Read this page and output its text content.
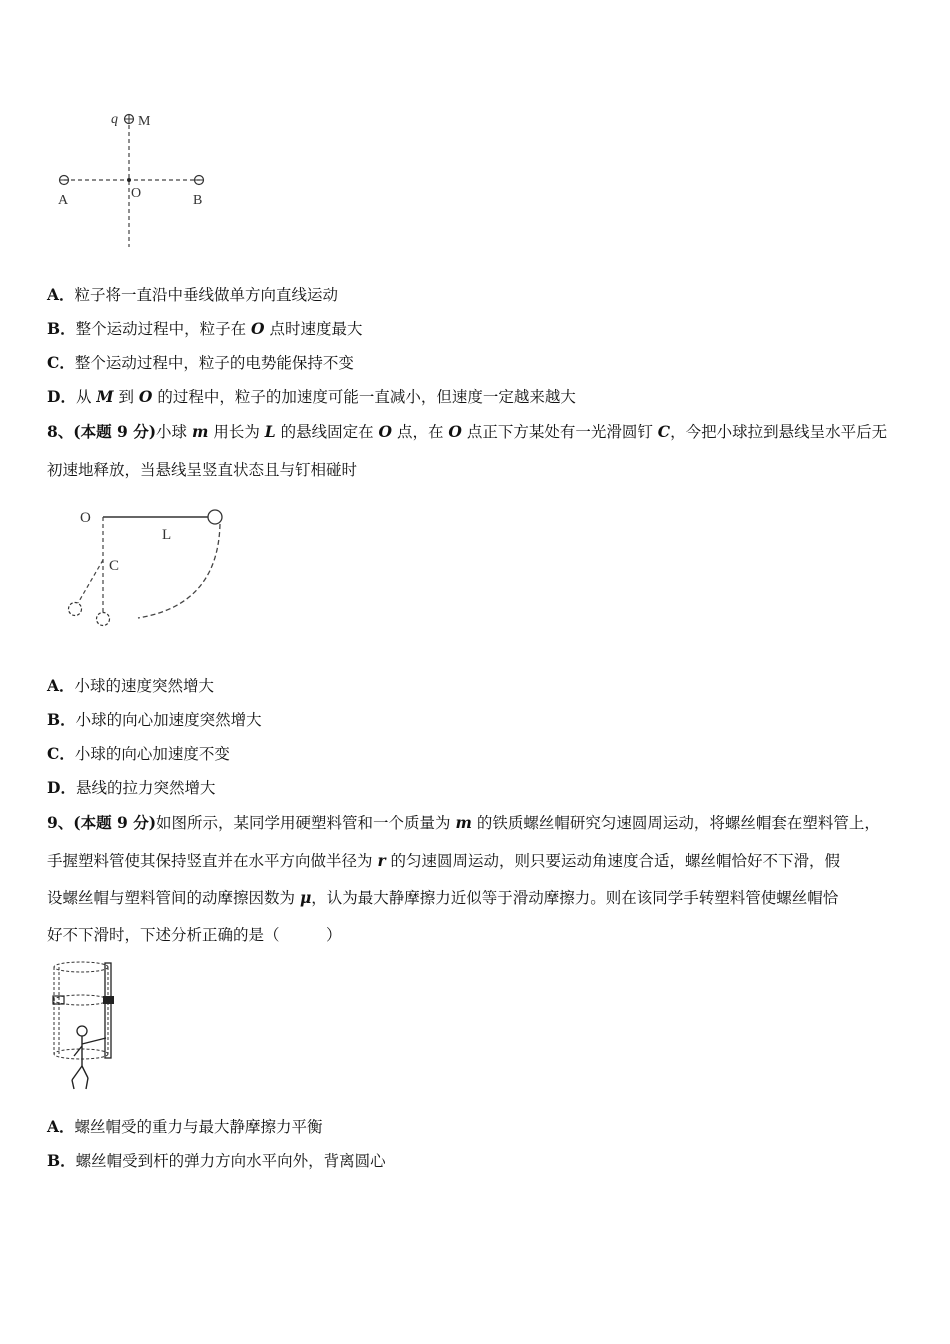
q M
O
A	B
A．粒子将一直沿中垂线做单方向直线运动
B．整个运动过程中，粒子在 O 点时速度最大
C．整个运动过程中，粒子的电势能保持不变
D．从 M 到 O 的过程中，粒子的加速度可能一直减小，但速度一定越来越大
8、(本题 9 分)小球 m 用长为 L 的悬线固定在 O 点，在 O 点正下方某处有一光滑圆钉 C，今把小球拉到悬线呈水平后无
初速地释放，当悬线呈竖直状态且与钉相碰时
O
L
C
A．小球的速度突然增大
B．小球的向心加速度突然增大
C．小球的向心加速度不变
D．悬线的拉力突然增大
9、(本题 9 分)如图所示，某同学用硬塑料管和一个质量为 m 的铁质螺丝帽研究匀速圆周运动，将螺丝帽套在塑料管上，
手握塑料管使其保持竖直并在水平方向做半径为 r 的匀速圆周运动，则只要运动角速度合适，螺丝帽恰好不下滑，假
设螺丝帽与塑料管间的动摩擦因数为 μ，认为最大静摩擦力近似等于滑动摩擦力。则在该同学手转塑料管使螺丝帽恰
好不下滑时，下述分析正确的是（　　　）
A．螺丝帽受的重力与最大静摩擦力平衡
B．螺丝帽受到杆的弹力方向水平向外，背离圆心
